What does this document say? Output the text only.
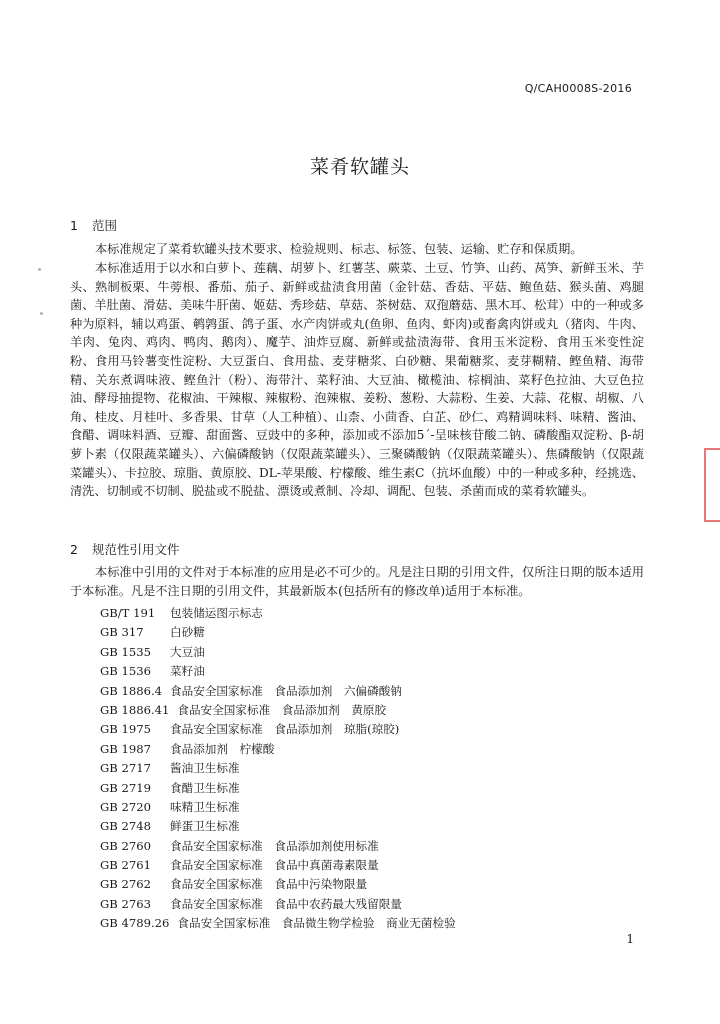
Q/CAH0008S-2016
菜肴软罐头
1 范围

本标准规定了菜肴软罐头技术要求、检验规则、标志、标签、包装、运输、贮存和保质期。

本标准适用于以水和白萝卜、莲藕、胡萝卜、红薯茎、蕨菜、土豆、竹笋、山药、莴笋、新鲜玉米、芋头、熟制板栗、牛蒡根、番茄、茄子、新鲜或盐渍食用菌（金针菇、香菇、平菇、鲍鱼菇、猴头菌、鸡腿菌、羊肚菌、滑菇、美味牛肝菌、姬菇、秀珍菇、草菇、茶树菇、双孢蘑菇、黑木耳、松茸）中的一种或多种为原料，辅以鸡蛋、鹌鹑蛋、鸽子蛋、水产肉饼或丸(鱼卵、鱼肉、虾肉)或畜禽肉饼或丸（猪肉、牛肉、羊肉、兔肉、鸡肉、鸭肉、鹅肉）、魔芋、油炸豆腐、新鲜或盐渍海带、食用玉米淀粉、食用玉米变性淀粉、食用马铃薯变性淀粉、大豆蛋白、食用盐、麦芽糖浆、白砂糖、果葡糖浆、麦芽糊精、鲣鱼精、海带精、关东煮调味液、鲣鱼汁（粉）、海带汁、菜籽油、大豆油、橄榄油、棕榈油、菜籽色拉油、大豆色拉油、酵母抽提物、花椒油、干辣椒、辣椒粉、泡辣椒、姜粉、葱粉、大蒜粉、生姜、大蒜、花椒、胡椒、八角、桂皮、月桂叶、多香果、甘草（人工种植）、山柰、小茴香、白芷、砂仁、鸡精调味料、味精、酱油、食醋、调味料酒、豆瓣、甜面酱、豆豉中的多种，添加或不添加5´-呈味核苷酸二钠、磷酸酯双淀粉、β-胡萝卜素（仅限蔬菜罐头）、六偏磷酸钠（仅限蔬菜罐头）、三聚磷酸钠（仅限蔬菜罐头）、焦磷酸钠（仅限蔬菜罐头）、卡拉胶、琼脂、黄原胶、DL-苹果酸、柠檬酸、维生素C（抗坏血酸）中的一种或多种，经挑选、清洗、切制或不切制、脱盐或不脱盐、漂烫或煮制、冷却、调配、包装、杀菌而成的菜肴软罐头。

2 规范性引用文件

本标准中引用的文件对于本标准的应用是必不可少的。凡是注日期的引用文件，仅所注日期的版本适用于本标准。凡是不注日期的引用文件，其最新版本(包括所有的修改单)适用于本标准。

GB/T 191 包装储运图示标志
GB 317 白砂糖
GB 1535 大豆油
GB 1536 菜籽油
GB 1886.4 食品安全国家标准　食品添加剂　六偏磷酸钠
GB 1886.41 食品安全国家标准　食品添加剂　黄原胶
GB 1975 食品安全国家标准　食品添加剂　琼脂(琼胶)
GB 1987 食品添加剂　柠檬酸
GB 2717 酱油卫生标准
GB 2719 食醋卫生标准
GB 2720 味精卫生标准
GB 2748 鲜蛋卫生标准
GB 2760 食品安全国家标准　食品添加剂使用标准
GB 2761 食品安全国家标准　食品中真菌毒素限量
GB 2762 食品安全国家标准　食品中污染物限量
GB 2763 食品安全国家标准　食品中农药最大残留限量
GB 4789.26 食品安全国家标准　食品微生物学检验　商业无菌检验
1
